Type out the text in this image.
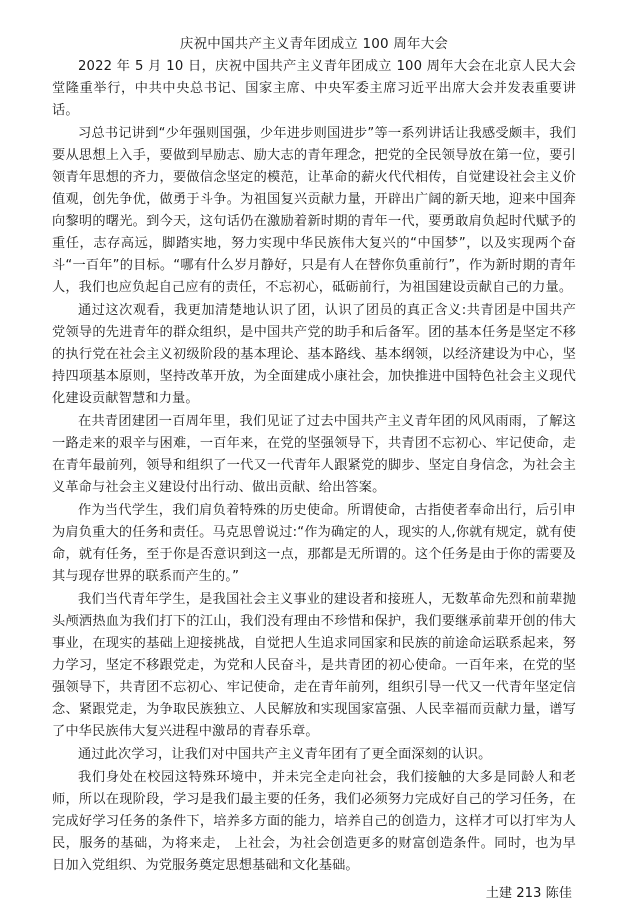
庆祝中国共产主义青年团成立 100 周年大会

2022 年 5 月 10 日，庆祝中国共产主义青年团成立 100 周年大会在北京人民大会堂隆重举行，中共中央总书记、国家主席、中央军委主席习近平出席大会并发表重要讲话。

习总书记讲到“少年强则国强，少年进步则国进步”等一系列讲话让我感受颇丰，我们要从思想上入手，要做到早励志、励大志的青年理念，把党的全民领导放在第一位，要引领青年思想的齐力，要做信念坚定的模范，让革命的薪火代代相传，自觉建设社会主义价值观，创先争优，做勇于斗争。为祖国复兴贡献力量，开辟出广阔的新天地，迎来中国奔向黎明的曙光。到今天，这句话仍在激励着新时期的青年一代，要勇敢肩负起时代赋予的重任，志存高远，脚踏实地，努力实现中华民族伟大复兴的“中国梦”，以及实现两个奋斗“一百年”的目标。“哪有什么岁月静好，只是有人在替你负重前行”，作为新时期的青年人，我们也应负起自己应有的责任，不忘初心，砥砺前行，为祖国建设贡献自己的力量。

通过这次观看，我更加清楚地认识了团，认识了团员的真正含义:共青团是中国共产党领导的先进青年的群众组织，是中国共产党的助手和后备军。团的基本任务是坚定不移的执行党在社会主义初级阶段的基本理论、基本路线、基本纲领，以经济建设为中心，坚持四项基本原则，坚持改革开放，为全面建成小康社会，加快推进中国特色社会主义现代化建设贡献智慧和力量。

在共青团建团一百周年里，我们见证了过去中国共产主义青年团的风风雨雨，了解这一路走来的艰辛与困难，一百年来，在党的坚强领导下，共青团不忘初心、牢记使命，走在青年最前列，领导和组织了一代又一代青年人跟紧党的脚步、坚定自身信念，为社会主义革命与社会主义建设付出行动、做出贡献、给出答案。

作为当代学生，我们肩负着特殊的历史使命。所谓使命，古指使者奉命出行，后引申为肩负重大的任务和责任。马克思曾说过:“作为确定的人，现实的人,你就有规定，就有使命，就有任务，至于你是否意识到这一点，那都是无所谓的。这个任务是由于你的需要及其与现存世界的联系而产生的。”

我们当代青年学生，是我国社会主义事业的建设者和接班人，无数革命先烈和前辈抛头颅洒热血为我们打下的江山，我们没有理由不珍惜和保护，我们要继承前辈开创的伟大事业，在现实的基础上迎接挑战，自觉把人生追求同国家和民族的前途命运联系起来，努力学习，坚定不移跟党走，为党和人民奋斗，是共青团的初心使命。一百年来，在党的坚强领导下，共青团不忘初心、牢记使命，走在青年前列，组织引导一代又一代青年坚定信念、紧跟党走，为争取民族独立、人民解放和实现国家富强、人民幸福而贡献力量，谱写了中华民族伟大复兴进程中激昂的青春乐章。

通过此次学习，让我们对中国共产主义青年团有了更全面深刻的认识。

我们身处在校园这特殊环境中，并未完全走向社会，我们接触的大多是同龄人和老师，所以在现阶段，学习是我们最主要的任务，我们必须努力完成好自己的学习任务，在完成好学习任务的条件下，培养多方面的能力，培养自己的创造力，这样才可以打牢为人民，服务的基础，为将来走， 上社会，为社会创造更多的财富创造条件。同时，也为早日加入党组织、为党服务奠定思想基础和文化基础。

土建 213 陈佳
